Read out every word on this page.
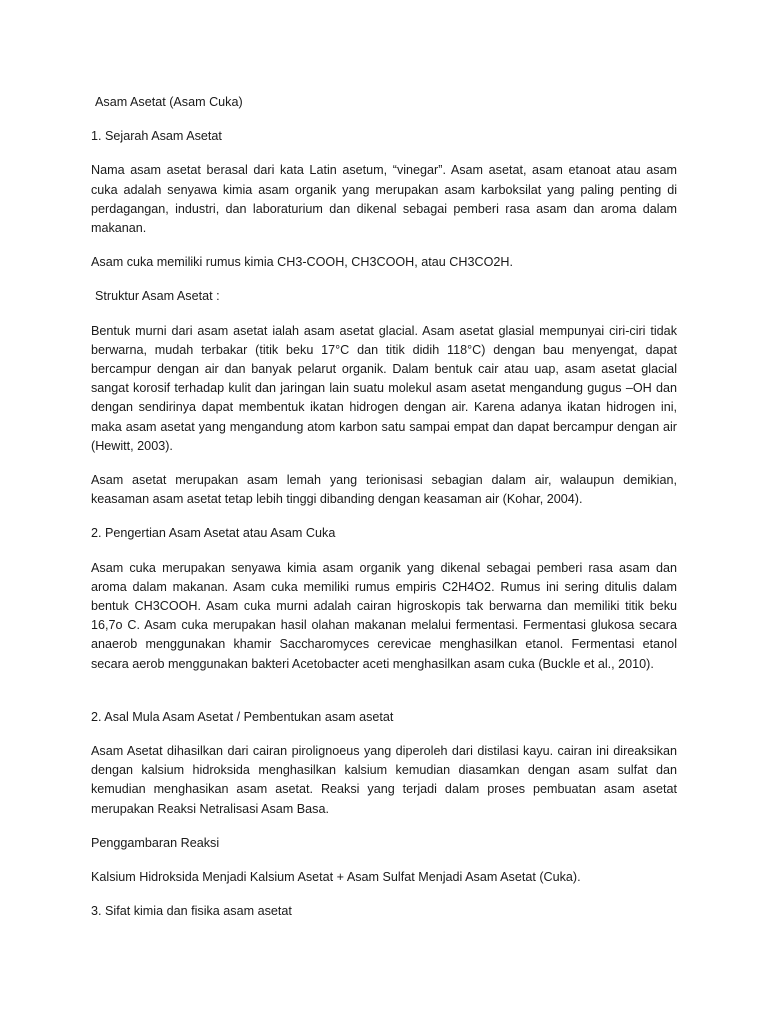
Asam Asetat (Asam Cuka)

1. Sejarah Asam Asetat

Nama asam asetat berasal dari kata Latin asetum, “vinegar”. Asam asetat, asam etanoat atau asam cuka adalah senyawa kimia asam organik yang merupakan asam karboksilat yang paling penting di perdagangan, industri, dan laboraturium dan dikenal sebagai pemberi rasa asam dan aroma dalam makanan.

Asam cuka memiliki rumus kimia CH3-COOH, CH3COOH, atau CH3CO2H.

Struktur Asam Asetat :

Bentuk murni dari asam asetat ialah asam asetat glacial. Asam asetat glasial mempunyai ciri-ciri tidak berwarna, mudah terbakar (titik beku 17°C dan titik didih 118°C) dengan bau menyengat, dapat bercampur dengan air dan banyak pelarut organik. Dalam bentuk cair atau uap, asam asetat glacial sangat korosif terhadap kulit dan jaringan lain suatu molekul asam asetat mengandung gugus –OH dan dengan sendirinya dapat membentuk ikatan hidrogen dengan air. Karena adanya ikatan hidrogen ini, maka asam asetat yang mengandung atom karbon satu sampai empat dan dapat bercampur dengan air (Hewitt, 2003).

Asam asetat merupakan asam lemah yang terionisasi sebagian dalam air, walaupun demikian, keasaman asam asetat tetap lebih tinggi dibanding dengan keasaman air (Kohar, 2004).

2. Pengertian Asam Asetat atau Asam Cuka

Asam cuka merupakan senyawa kimia asam organik yang dikenal sebagai pemberi rasa asam dan aroma dalam makanan. Asam cuka memiliki rumus empiris C2H4O2. Rumus ini sering ditulis dalam bentuk CH3COOH. Asam cuka murni adalah cairan higroskopis tak berwarna dan memiliki titik beku 16,7o C. Asam cuka merupakan hasil olahan makanan melalui fermentasi. Fermentasi glukosa secara anaerob menggunakan khamir Saccharomyces cerevicae menghasilkan etanol. Fermentasi etanol secara aerob menggunakan bakteri Acetobacter aceti menghasilkan asam cuka (Buckle et al., 2010).

2. Asal Mula Asam Asetat / Pembentukan asam asetat

Asam Asetat dihasilkan dari cairan pirolignoeus yang diperoleh dari distilasi kayu. cairan ini direaksikan dengan kalsium hidroksida menghasilkan kalsium kemudian diasamkan dengan asam sulfat dan kemudian menghasikan asam asetat. Reaksi yang terjadi dalam proses pembuatan asam asetat merupakan Reaksi Netralisasi Asam Basa.

Penggambaran Reaksi

Kalsium Hidroksida Menjadi Kalsium Asetat + Asam Sulfat Menjadi Asam Asetat (Cuka).

3. Sifat kimia dan fisika asam asetat
